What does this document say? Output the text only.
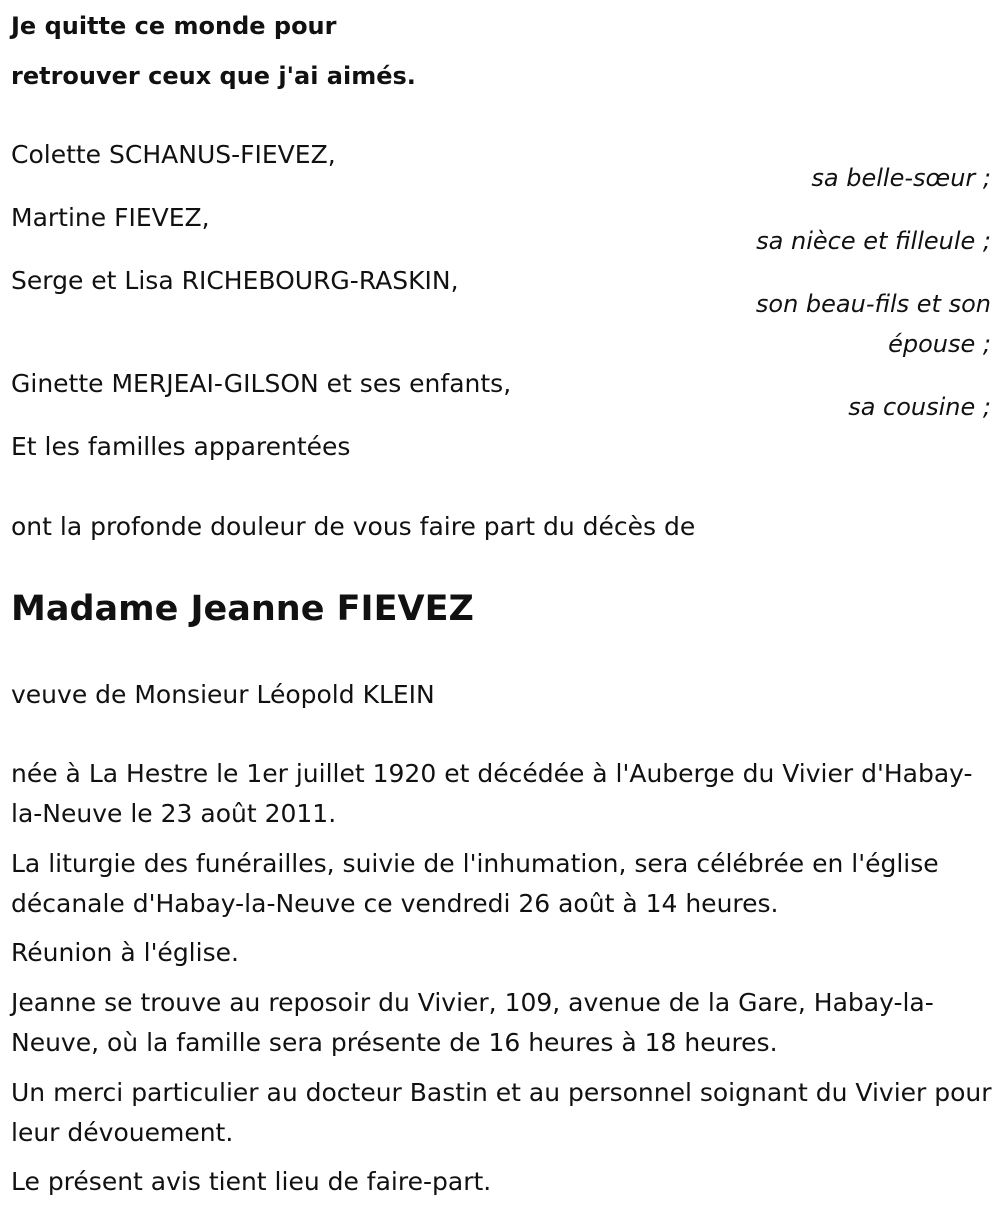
Je quitte ce monde pour

retrouver ceux que j'ai aimés.

Colette SCHANUS-FIEVEZ,
sa belle-sœur ;
Martine FIEVEZ,
sa nièce et filleule ;
Serge et Lisa RICHEBOURG-RASKIN,
son beau-fils et son
épouse ;
Ginette MERJEAI-GILSON et ses enfants,
sa cousine ;
Et les familles apparentées
ont la profonde douleur de vous faire part du décès de
Madame Jeanne FIEVEZ
veuve de Monsieur Léopold KLEIN
née à La Hestre le 1er juillet 1920 et décédée à l'Auberge du Vivier d'Habay-la-Neuve le 23 août 2011.
La liturgie des funérailles, suivie de l'inhumation, sera célébrée en l'église décanale d'Habay-la-Neuve ce vendredi 26 août à 14 heures.
Réunion à l'église.
Jeanne se trouve au reposoir du Vivier, 109, avenue de la Gare, Habay-la-Neuve, où la famille sera présente de 16 heures à 18 heures.
Un merci particulier au docteur Bastin et au personnel soignant du Vivier pour leur dévouement.
Le présent avis tient lieu de faire-part.
